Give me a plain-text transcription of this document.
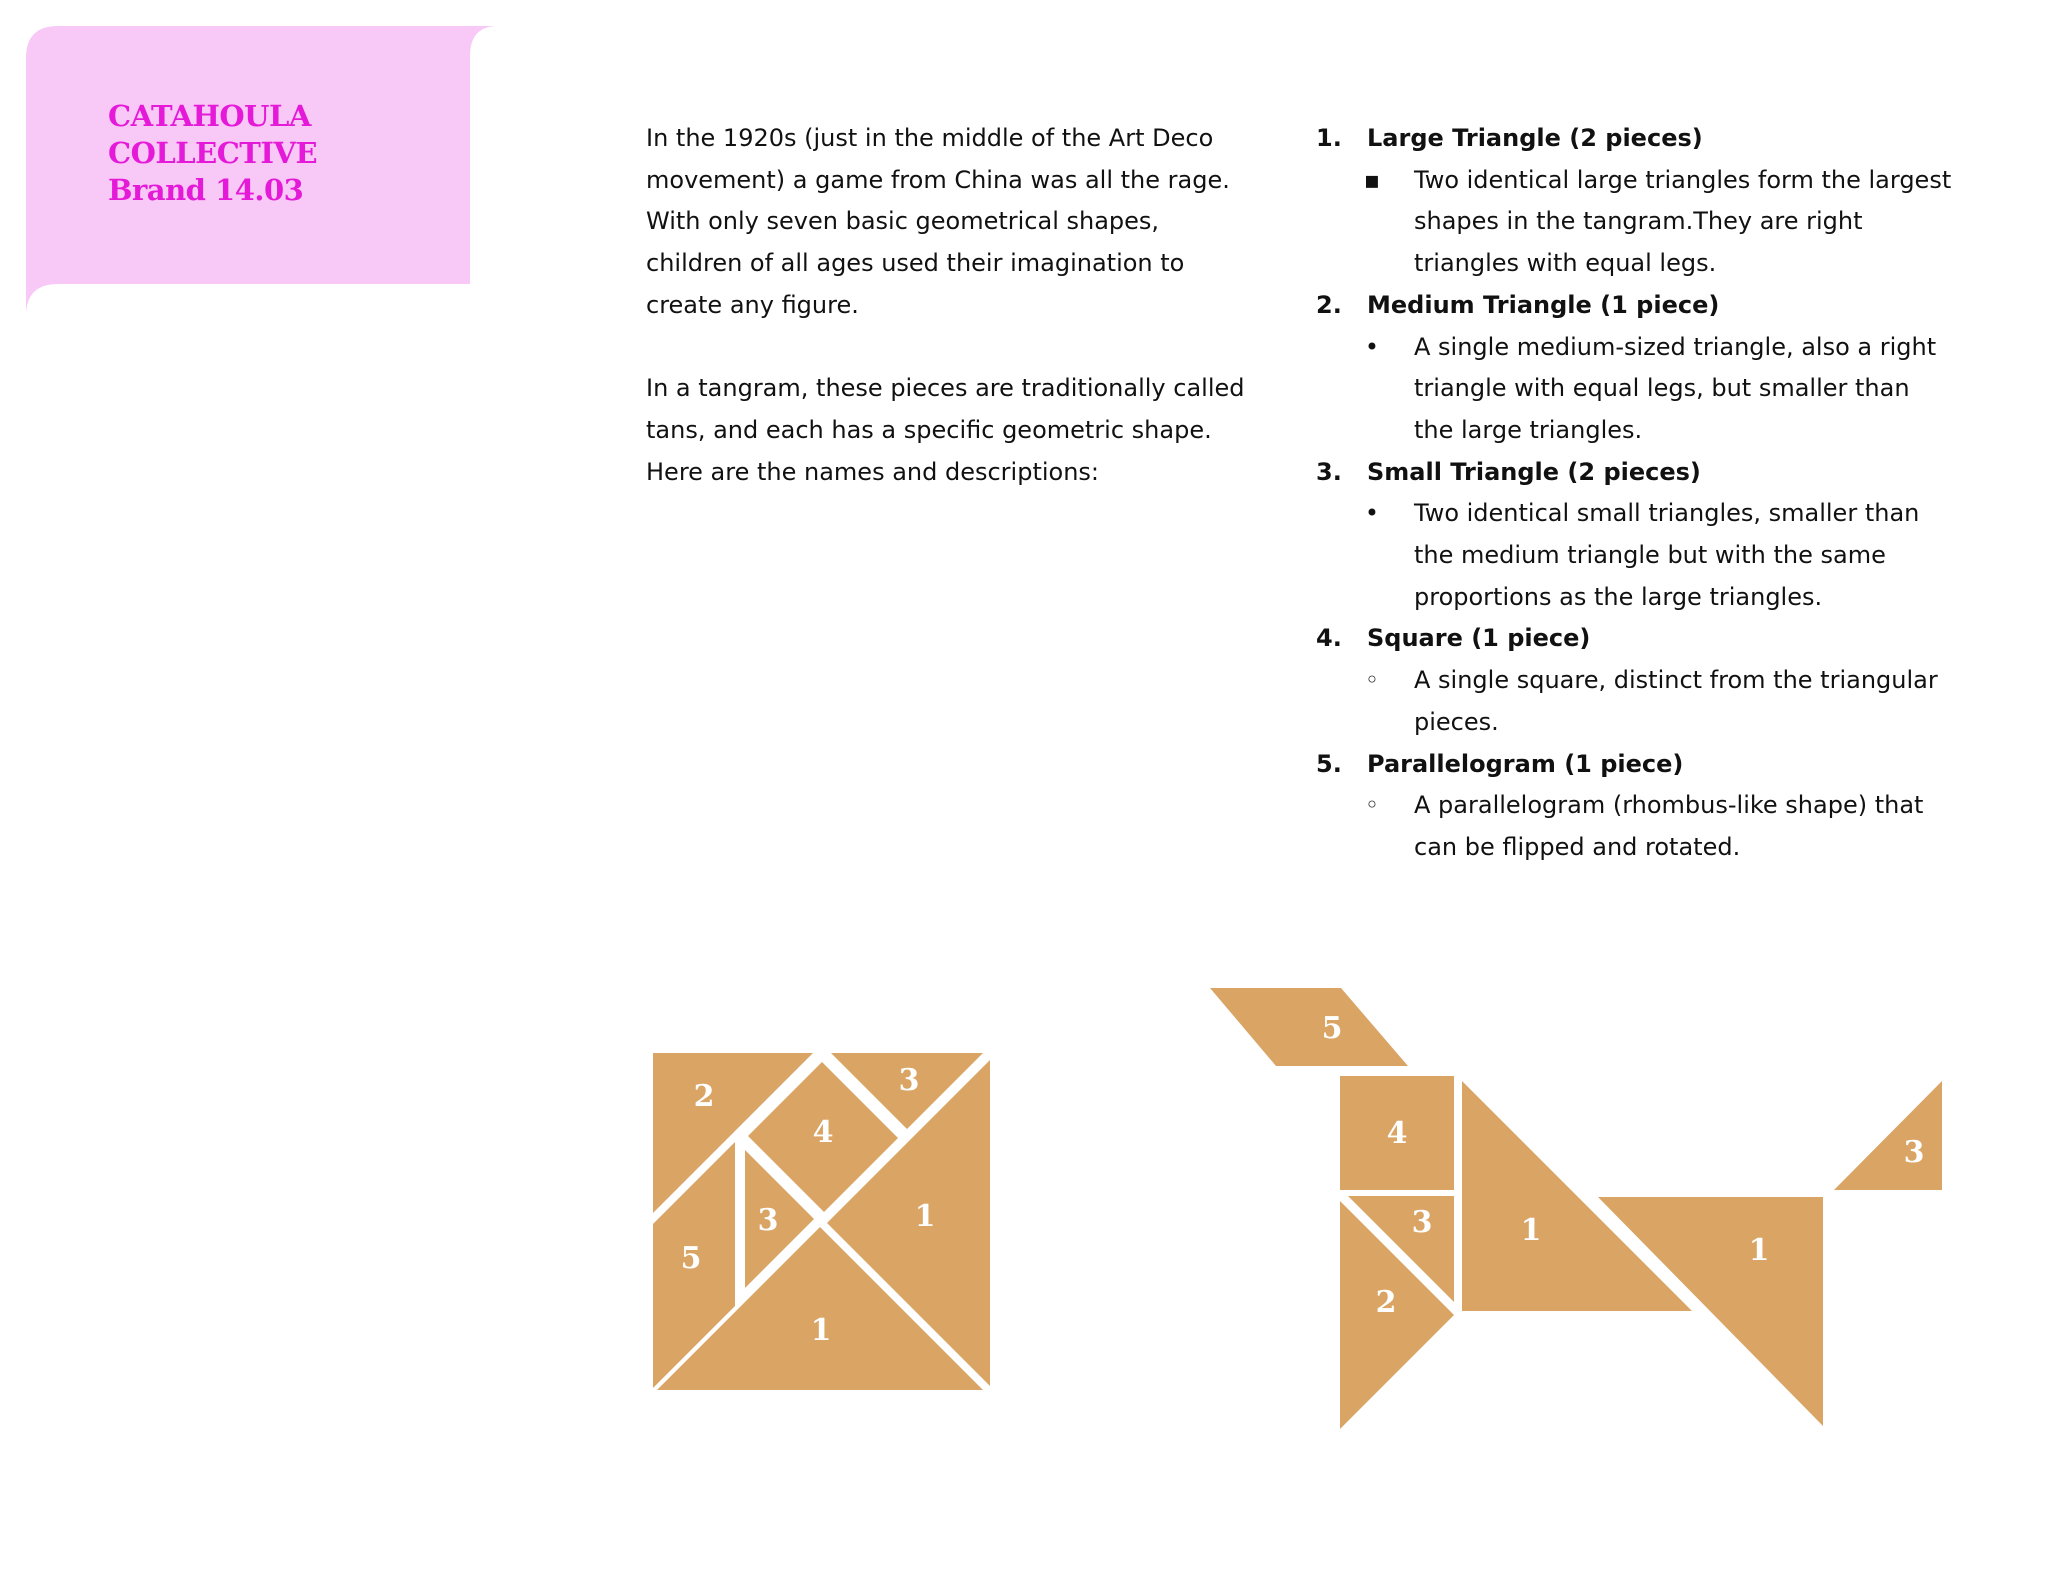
CATAHOULA
COLLECTIVE
Brand 14.03

In the 1920s (just in the middle of the Art Deco movement) a game from China was all the rage. With only seven basic geometrical shapes, children of all ages used their imagination to create any figure.

In a tangram, these pieces are traditionally called tans, and each has a specific geometric shape. Here are the names and descriptions:

1. Large Triangle (2 pieces)
▪ Two identical large triangles form the largest shapes in the tangram.They are right triangles with equal legs.
2. Medium Triangle (1 piece)
• A single medium-sized triangle, also a right triangle with equal legs, but smaller than the large triangles.
3. Small Triangle (2 pieces)
• Two identical small triangles, smaller than the medium triangle but with the same proportions as the large triangles.
4. Square (1 piece)
◦ A single square, distinct from the triangular pieces.
5. Parallelogram (1 piece)
◦ A parallelogram (rhombus-like shape) that can be flipped and rotated.
2	3
4
1
5
3
1
5
4
3
2
1
1
3
